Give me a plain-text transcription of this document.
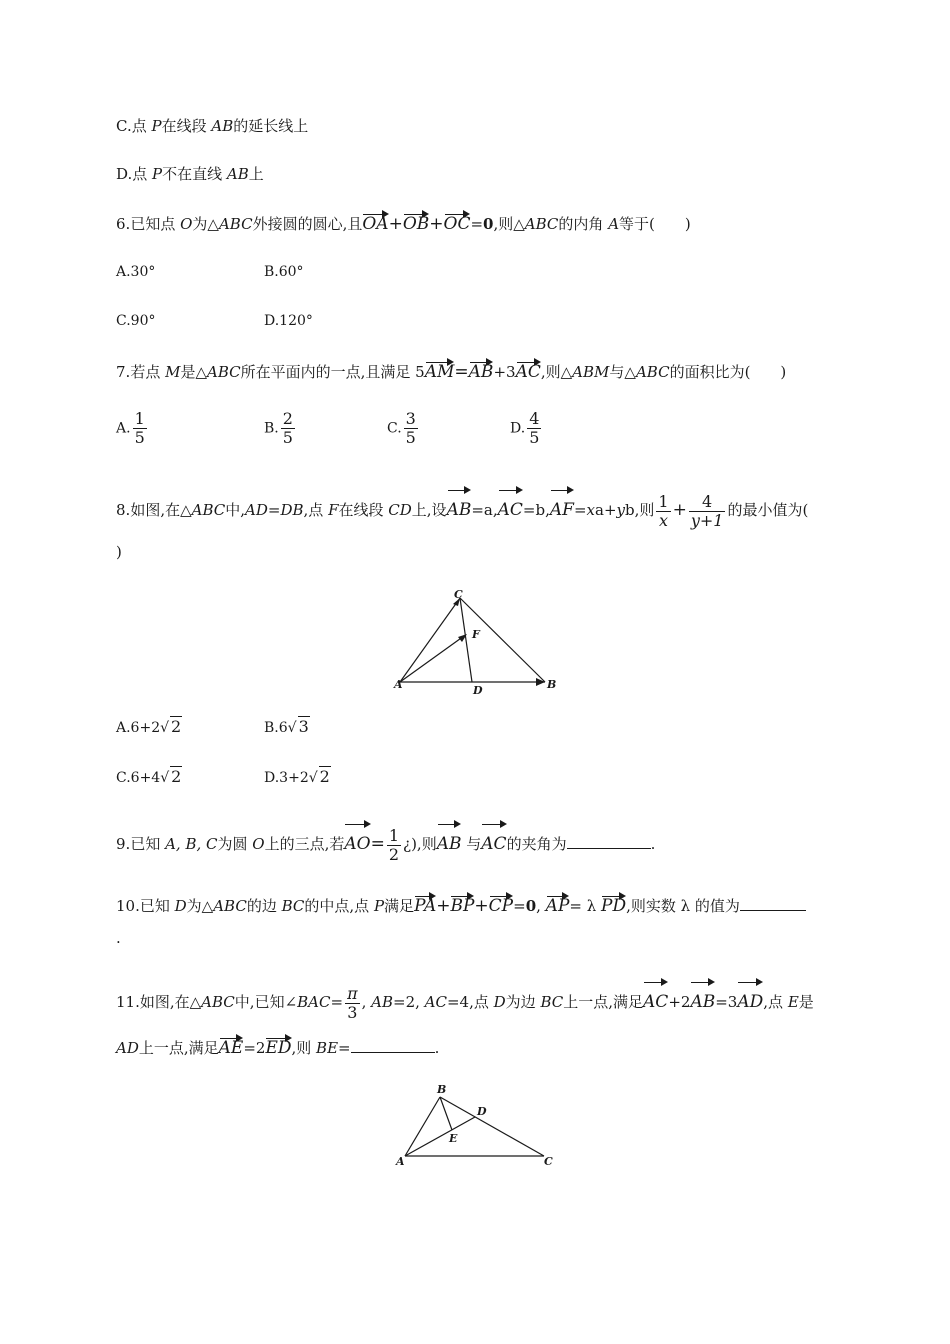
C.点 P在线段 AB的延长线上
D.点 P不在直线 AB上
6.已知点 O为△ABC外接圆的圆心,且OA+OB+OC=0,则△ABC的内角 A等于(　　)
A.30°	B.60°
C.90°	D.120°
7.若点 M是△ABC所在平面内的一点,且满足 5AM=AB+3AC,则△ABM与△ABC的面积比为(　　)
A. $\frac{1}{5}$	B. $\frac{2}{5}$	C. $\frac{3}{5}$	D. $\frac{4}{5}$
8.如图,在△ABC中,AD=DB,点 F在线段 CD上,设AB=a,AC=b,AF=xa+yb,则 $\frac{1}{x} + \frac{4}{y+1}$ 的最小值为(
)
C
F
A	D	B
A.6+2√ 2	B.6√ 3
C.6+4√ 2	D.3+2√ 2
9.已知 A, B, C为圆 O上的三点,若$AO= \frac{1}{2}$ ¿),则AB 与AC的夹角为	.
10.已知 D为△ABC的边 BC的中点,点 P满足PA+BP+CP=0, AP= λ PD,则实数 λ 的值为
.
11.如图,在△ABC中,已知∠BAC= $\frac{\pi}{3}$ , AB=2, AC=4,点 D为边 BC上一点,满足AC+2AB=3AD,点 E是
AD上一点,满足AE=2ED,则 BE=	.
B
D
E
A	C
